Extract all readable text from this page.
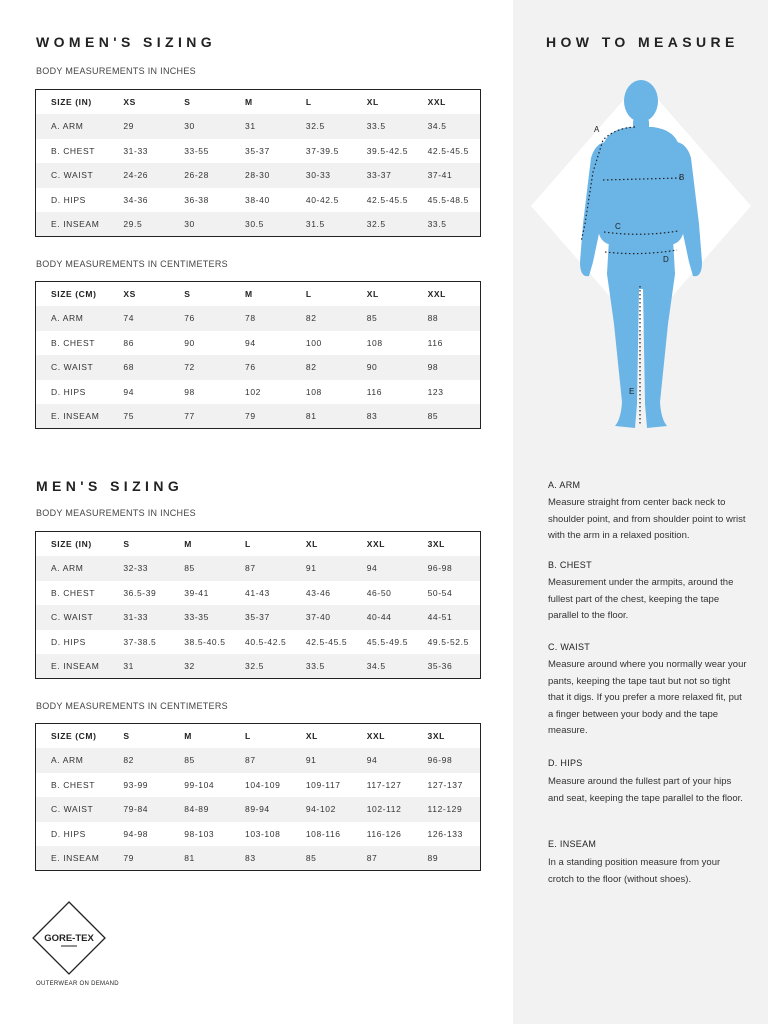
WOMEN'S SIZING
BODY MEASUREMENTS IN INCHES
SIZE (IN)	XS	S	M	L	XL	XXL
A. ARM	29	30	31	32.5	33.5	34.5
B. CHEST	31-33	33-55	35-37	37-39.5	39.5-42.5	42.5-45.5
C. WAIST	24-26	26-28	28-30	30-33	33-37	37-41
D. HIPS	34-36	36-38	38-40	40-42.5	42.5-45.5	45.5-48.5
E. INSEAM	29.5	30	30.5	31.5	32.5	33.5
BODY MEASUREMENTS IN CENTIMETERS
SIZE (CM)	XS	S	M	L	XL	XXL
A. ARM	74	76	78	82	85	88
B. CHEST	86	90	94	100	108	116
C. WAIST	68	72	76	82	90	98
D. HIPS	94	98	102	108	116	123
E. INSEAM	75	77	79	81	83	85
MEN'S SIZING
BODY MEASUREMENTS IN INCHES
SIZE (IN)	S	M	L	XL	XXL	3XL
A. ARM	32-33	85	87	91	94	96-98
B. CHEST	36.5-39	39-41	41-43	43-46	46-50	50-54
C. WAIST	31-33	33-35	35-37	37-40	40-44	44-51
D. HIPS	37-38.5	38.5-40.5	40.5-42.5	42.5-45.5	45.5-49.5	49.5-52.5
E. INSEAM	31	32	32.5	33.5	34.5	35-36
BODY MEASUREMENTS IN CENTIMETERS
SIZE (CM)	S	M	L	XL	XXL	3XL
A. ARM	82	85	87	91	94	96-98
B. CHEST	93-99	99-104	104-109	109-117	117-127	127-137
C. WAIST	79-84	84-89	89-94	94-102	102-112	112-129
D. HIPS	94-98	98-103	103-108	108-116	116-126	126-133
E. INSEAM	79	81	83	85	87	89
GORE-TEX
OUTERWEAR ON DEMAND
HOW TO MEASURE
A
B
C
D
E
A. ARM
Measure straight from center back neck to shoulder point, and from shoulder point to wrist with the arm in a relaxed position.
B. CHEST
Measurement under the armpits, around the fullest part of the chest, keeping the tape parallel to the floor.
C. WAIST
Measure around where you normally wear your pants, keeping the tape taut but not so tight that it digs. If you prefer a more relaxed fit, put a finger between your body and the tape measure.
D. HIPS
Measure around the fullest part of your hips and seat, keeping the tape parallel to the floor.
E. INSEAM
In a standing position measure from your crotch to the floor (without shoes).
